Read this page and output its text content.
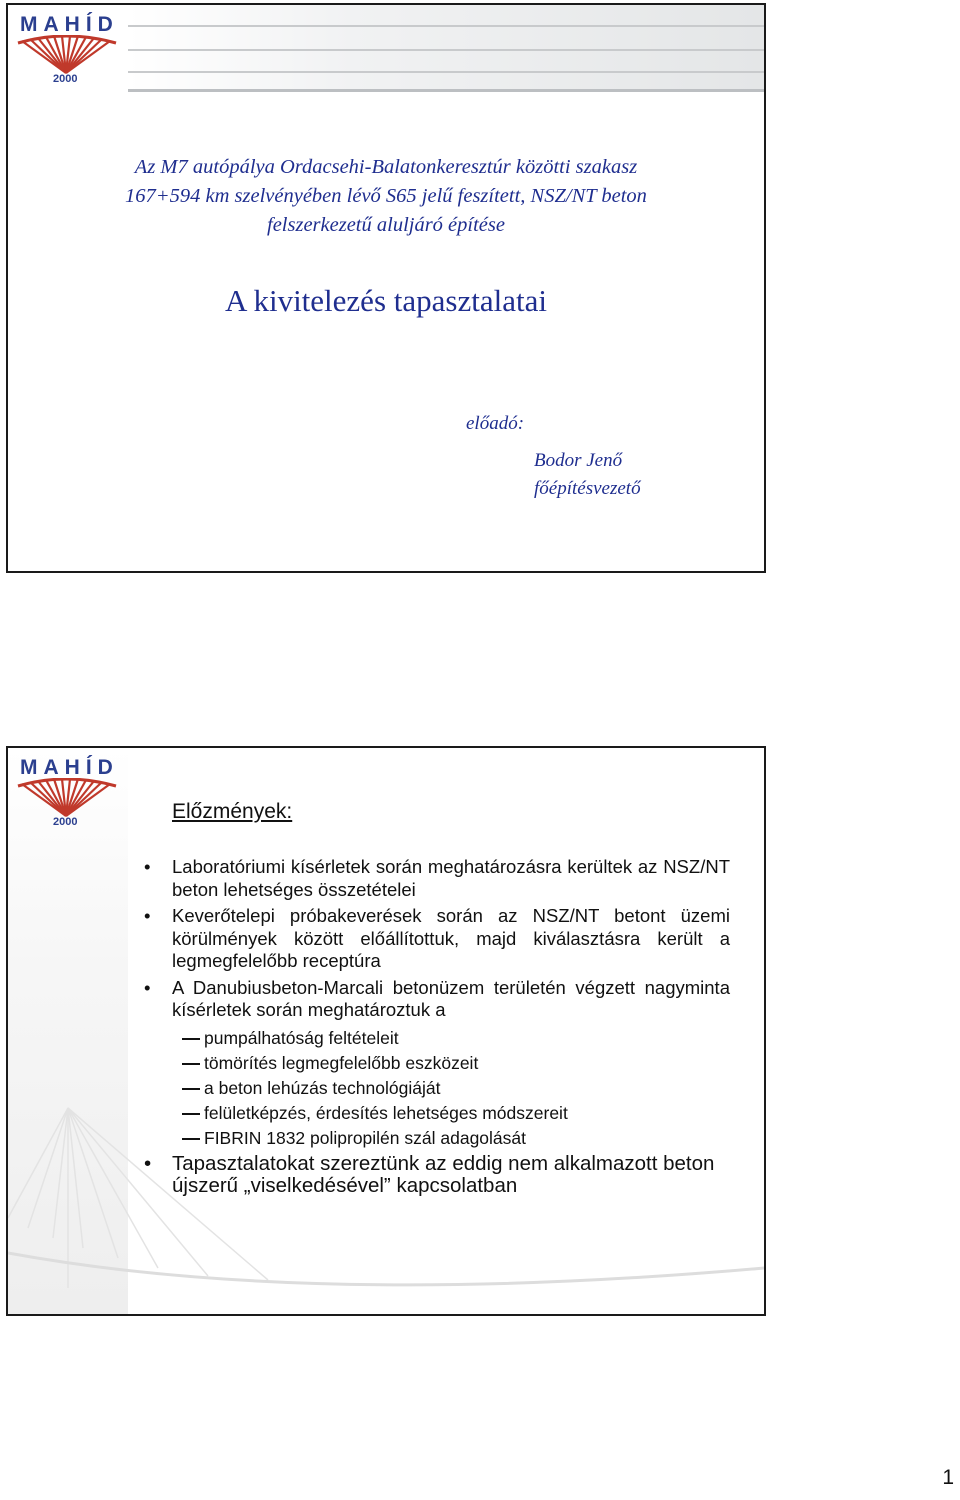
MAHÍD
2000
Az M7 autópálya Ordacsehi-Balatonkeresztúr közötti szakasz
167+594 km szelvényében lévő S65 jelű feszített, NSZ/NT beton
felszerkezetű aluljáró építése
A kivitelezés tapasztalatai
előadó:
Bodor Jenő
főépítésvezető
MAHÍD
2000	Előzmények:
• Laboratóriumi kísérletek során meghatározásra kerültek az NSZ/NT beton lehetséges összetételei
• Keverőtelepi próbakeverések során az NSZ/NT betont üzemi körülmények között előállítottuk, majd kiválasztásra került a legmegfelelőbb receptúra
• A Danubiusbeton-Marcali betonüzem területén végzett nagyminta kísérletek során meghatároztuk a
pumpálhatóság feltételeit
tömörítés legmegfelelőbb eszközeit
a beton lehúzás technológiáját
felületképzés, érdesítés lehetséges módszereit
FIBRIN 1832 polipropilén szál adagolását
• Tapasztalatokat szereztünk az eddig nem alkalmazott beton újszerű „viselkedésével” kapcsolatban
1
